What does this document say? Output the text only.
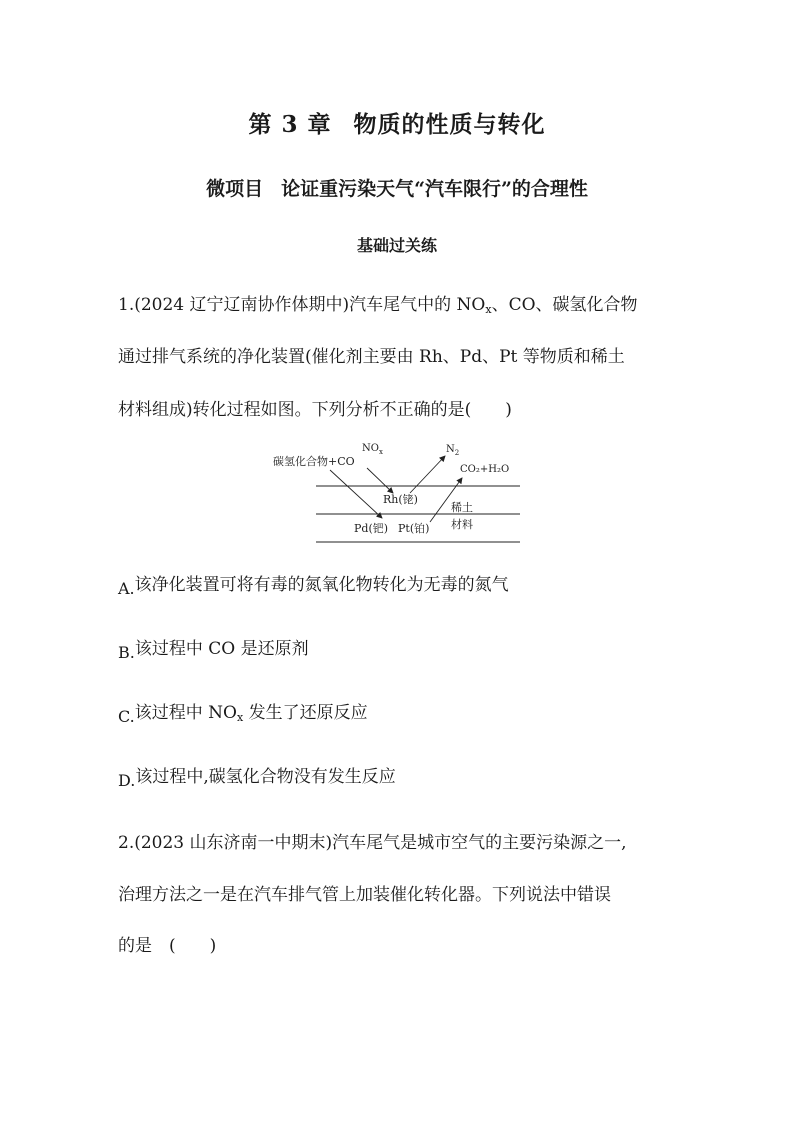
第 3 章 物质的性质与转化
微项目 论证重污染天气“汽车限行”的合理性
基础过关练
1.(2024 辽宁辽南协作体期中)汽车尾气中的 $NO_x$、CO、碳氢化合物
通过排气系统的净化装置(催化剂主要由 Rh、Pd、Pt 等物质和稀土
材料组成)转化过程如图。下列分析不正确的是(　　)
碳氢化合物+CO
$NO_x$	$N_2$
CO₂+H₂O
Rh(铑)
稀土
材料
Pd(钯) Pt(铂)
A.该净化装置可将有毒的氮氧化物转化为无毒的氮气
B.该过程中 CO 是还原剂
C.该过程中 $NO_x$ 发生了还原反应
D.该过程中,碳氢化合物没有发生反应
2.(2023 山东济南一中期末)汽车尾气是城市空气的主要污染源之一,
治理方法之一是在汽车排气管上加装催化转化器。下列说法中错误
的是　(　　)
